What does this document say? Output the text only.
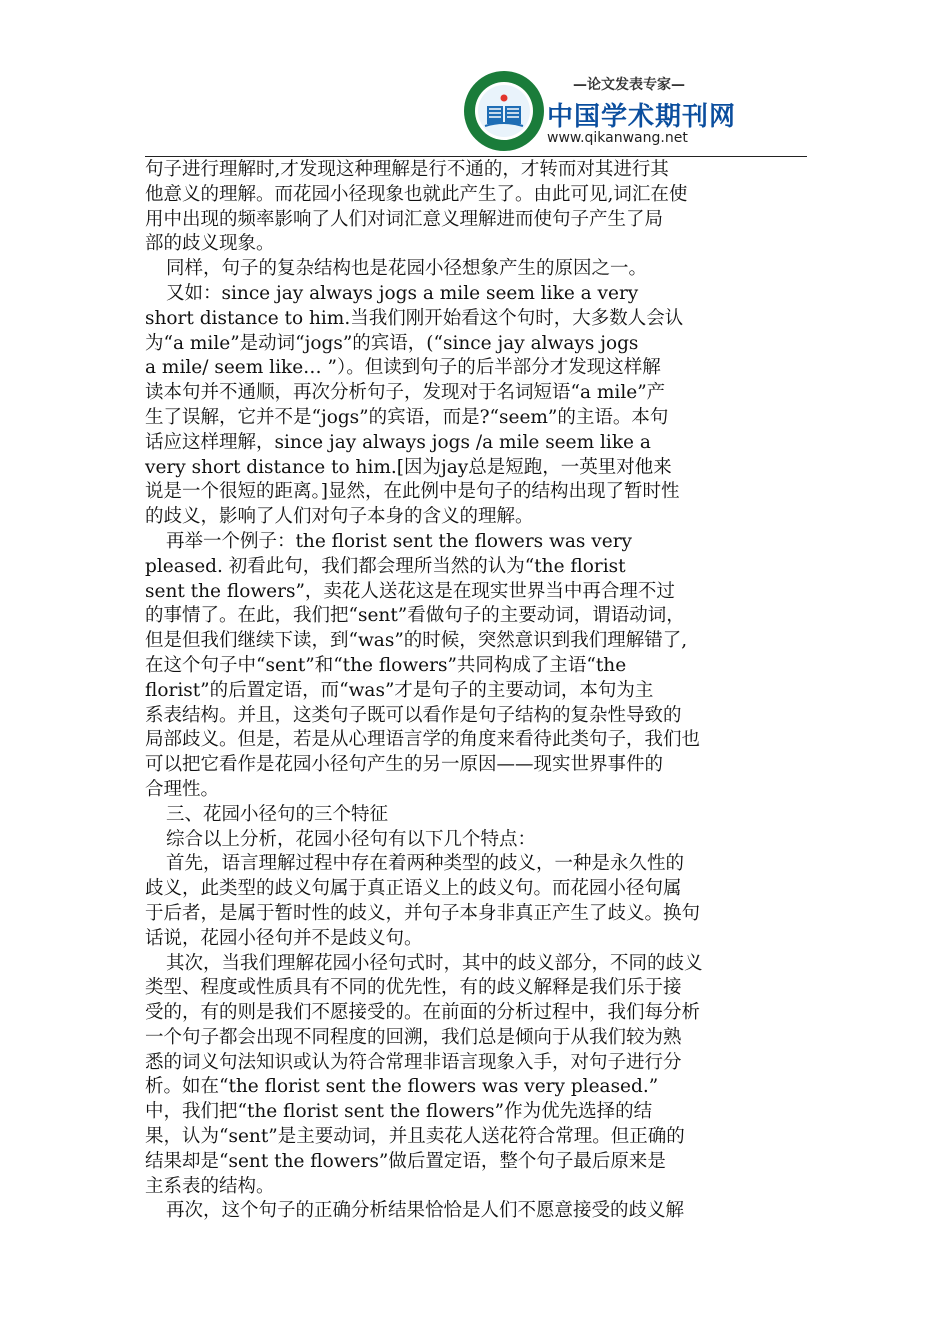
—论文发表专家—
中国学术期刊网
www.qikanwang.net

句子进行理解时,才发现这种理解是行不通的，才转而对其进行其

他意义的理解。而花园小径现象也就此产生了。由此可见,词汇在使

用中出现的频率影响了人们对词汇意义理解进而使句子产生了局

部的歧义现象。

同样，句子的复杂结构也是花园小径想象产生的原因之一。

又如：since jay always jogs a mile seem like a very

short distance to him.当我们刚开始看这个句时，大多数人会认

为“a mile”是动词“jogs”的宾语，(“since jay always jogs

a mile/ seem like… ”）。但读到句子的后半部分才发现这样解

读本句并不通顺，再次分析句子，发现对于名词短语“a mile”产

生了误解，它并不是“jogs”的宾语，而是?“seem”的主语。本句

话应这样理解，since jay always jogs /a mile seem like a

very short distance to him.[因为jay总是短跑，一英里对他来

说是一个很短的距离。]显然，在此例中是句子的结构出现了暂时性

的歧义，影响了人们对句子本身的含义的理解。

再举一个例子：the florist sent the flowers was very

pleased. 初看此句，我们都会理所当然的认为“the florist

sent the flowers”，卖花人送花这是在现实世界当中再合理不过

的事情了。在此，我们把“sent”看做句子的主要动词，谓语动词，

但是但我们继续下读，到“was”的时候，突然意识到我们理解错了,

在这个句子中“sent”和“the flowers”共同构成了主语“the

florist”的后置定语，而“was”才是句子的主要动词，本句为主

系表结构。并且，这类句子既可以看作是句子结构的复杂性导致的

局部歧义。但是，若是从心理语言学的角度来看待此类句子，我们也

可以把它看作是花园小径句产生的另一原因——现实世界事件的

合理性。

三、花园小径句的三个特征

综合以上分析，花园小径句有以下几个特点：

首先，语言理解过程中存在着两种类型的歧义，一种是永久性的

歧义，此类型的歧义句属于真正语义上的歧义句。而花园小径句属

于后者，是属于暂时性的歧义，并句子本身非真正产生了歧义。换句

话说，花园小径句并不是歧义句。

其次，当我们理解花园小径句式时，其中的歧义部分，不同的歧义

类型、程度或性质具有不同的优先性，有的歧义解释是我们乐于接

受的，有的则是我们不愿接受的。在前面的分析过程中，我们每分析

一个句子都会出现不同程度的回溯，我们总是倾向于从我们较为熟

悉的词义句法知识或认为符合常理非语言现象入手，对句子进行分

析。如在“the florist sent the flowers was very pleased.”

中，我们把“the florist sent the flowers”作为优先选择的结

果，认为“sent”是主要动词，并且卖花人送花符合常理。但正确的

结果却是“sent the flowers”做后置定语，整个句子最后原来是

主系表的结构。

再次，这个句子的正确分析结果恰恰是人们不愿意接受的歧义解
